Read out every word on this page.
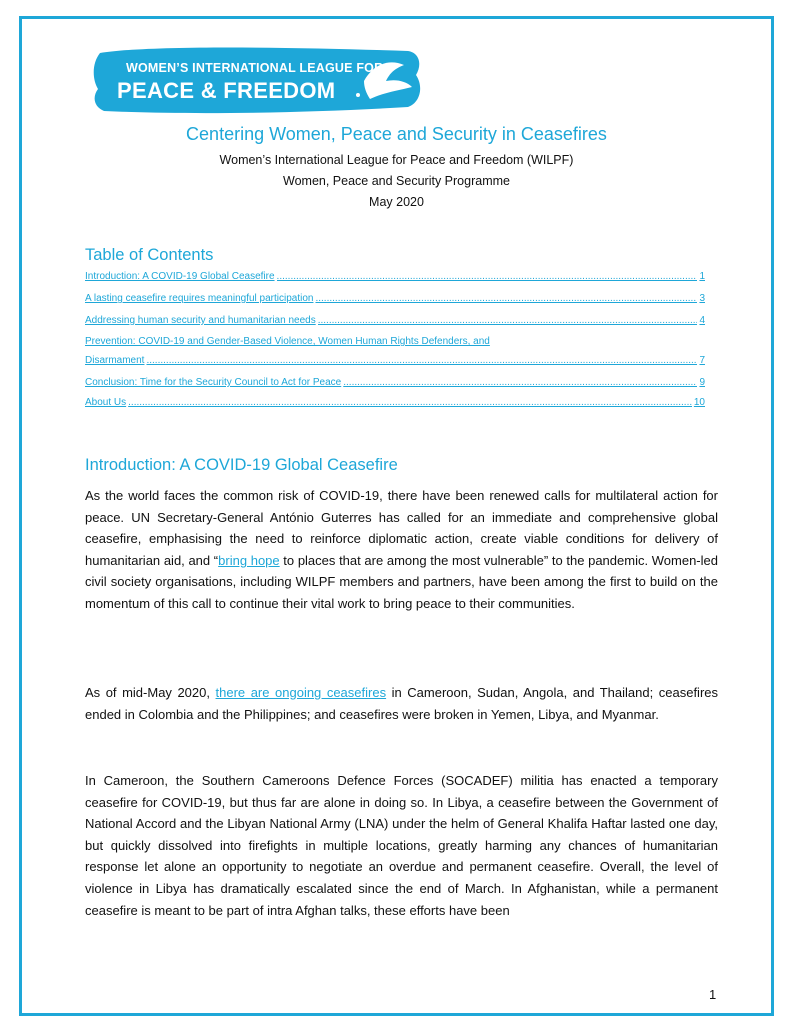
WOMEN’S INTERNATIONAL LEAGUE FOR
PEACE & FREEDOM
Centering Women, Peace and Security in Ceasefires
Women’s International League for Peace and Freedom (WILPF)
Women, Peace and Security Programme
May 2020
Table of Contents
Introduction: A COVID-19 Global Ceasefire .....	1
A lasting ceasefire requires meaningful participation .....	3
Addressing human security and humanitarian needs .....	4
Prevention: COVID-19 and Gender-Based Violence, Women Human Rights Defenders, and
Disarmament .....	7
Conclusion: Time for the Security Council to Act for Peace .....	9
About Us .....	10
Introduction: A COVID-19 Global Ceasefire
As the world faces the common risk of COVID-19, there have been renewed calls for multilateral action for peace. UN Secretary-General António Guterres has called for an immediate and comprehensive global ceasefire, emphasising the need to reinforce diplomatic action, create viable conditions for delivery of humanitarian aid, and “bring hope to places that are among the most vulnerable” to the pandemic. Women-led civil society organisations, including WILPF members and partners, have been among the first to build on the momentum of this call to continue their vital work to bring peace to their communities.
As of mid-May 2020, there are ongoing ceasefires in Cameroon, Sudan, Angola, and Thailand; ceasefires ended in Colombia and the Philippines; and ceasefires were broken in Yemen, Libya, and Myanmar.
In Cameroon, the Southern Cameroons Defence Forces (SOCADEF) militia has enacted a temporary ceasefire for COVID-19, but thus far are alone in doing so. In Libya, a ceasefire between the Government of National Accord and the Libyan National Army (LNA) under the helm of General Khalifa Haftar lasted one day, but quickly dissolved into firefights in multiple locations, greatly harming any chances of humanitarian response let alone an opportunity to negotiate an overdue and permanent ceasefire. Overall, the level of violence in Libya has dramatically escalated since the end of March. In Afghanistan, while a permanent ceasefire is meant to be part of intra Afghan talks, these efforts have been
1
